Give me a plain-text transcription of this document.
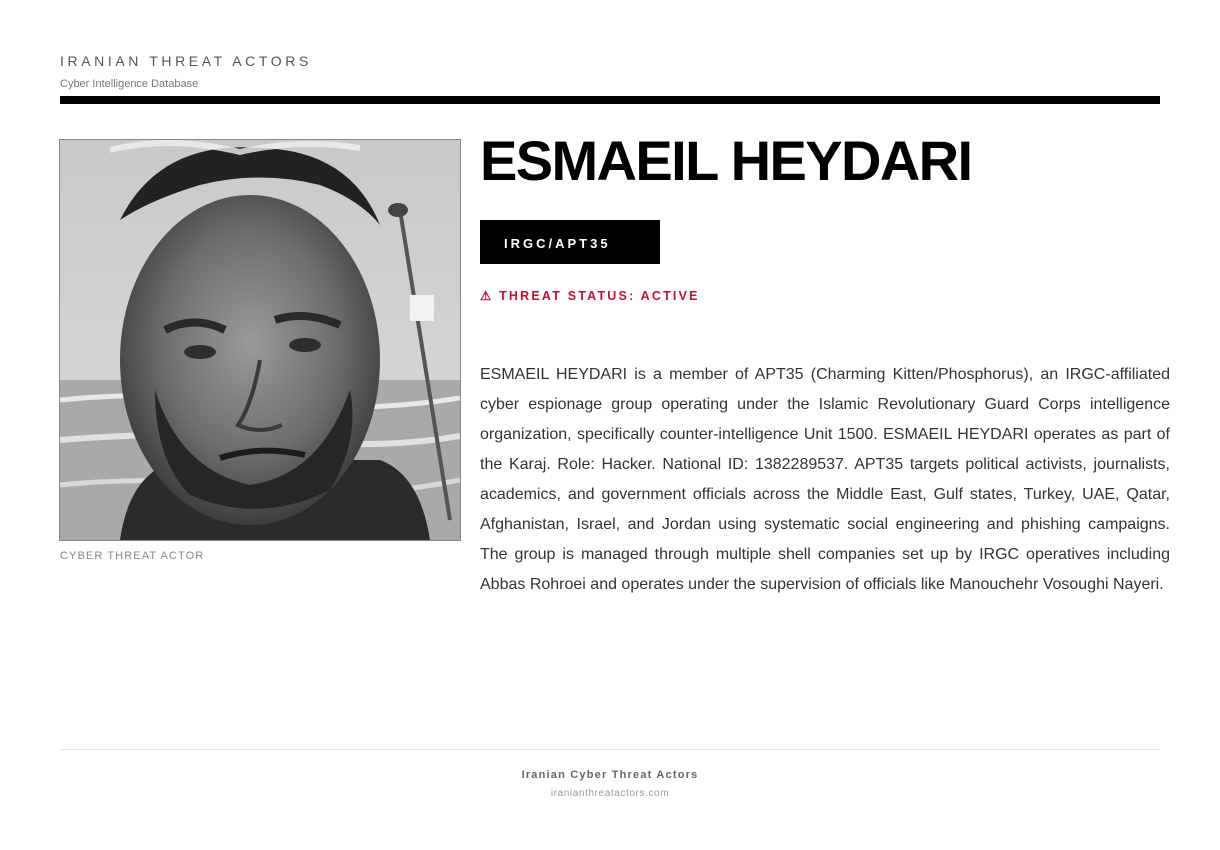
IRANIAN THREAT ACTORS
Cyber Intelligence Database
CYBER THREAT ACTOR
ESMAEIL HEYDARI
IRGC/APT35
⚠ THREAT STATUS: ACTIVE

ESMAEIL HEYDARI is a member of APT35 (Charming Kitten/Phosphorus), an IRGC-affiliated cyber espionage group operating under the Islamic Revolutionary Guard Corps intelligence organization, specifically counter-intelligence Unit 1500. ESMAEIL HEYDARI operates as part of the Karaj. Role: Hacker. National ID: 1382289537. APT35 targets political activists, journalists, academics, and government officials across the Middle East, Gulf states, Turkey, UAE, Qatar, Afghanistan, Israel, and Jordan using systematic social engineering and phishing campaigns. The group is managed through multiple shell companies set up by IRGC operatives including Abbas Rohroei and operates under the supervision of officials like Manouchehr Vosoughi Nayeri.

Iranian Cyber Threat Actors
iranianthreatactors.com
